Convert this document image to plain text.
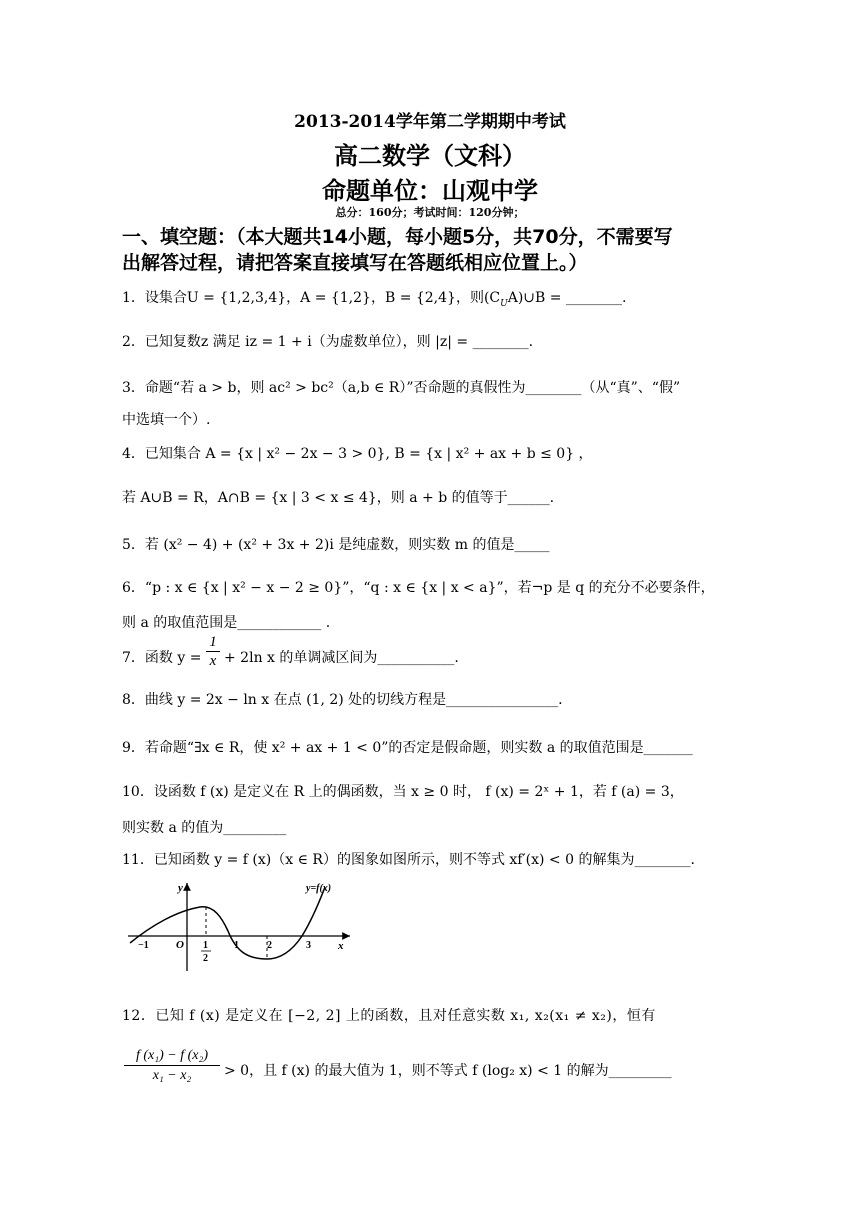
2013-2014学年第二学期期中考试
高二数学（文科）
命题单位：山观中学
总分：160分；考试时间：120分钟；
一、填空题：（本大题共14小题，每小题5分，共70分，不需要写
出解答过程，请把答案直接填写在答题纸相应位置上。）
1．设集合U = {1,2,3,4}，A = {1,2}，B = {2,4}，则$(C_UA)\cup B$ = ________.
2．已知复数z 满足 iz = 1 + i（为虚数单位），则 |z| = ________.
3．命题“若 a > b，则 ac² > bc²（a,b ∈ R）”否命题的真假性为________（从“真”、“假”
中选填一个）.
4．已知集合 A = {x | x² − 2x − 3 > 0}, B = {x | x² + ax + b ≤ 0} ，
若 A∪B = R，A∩B = {x | 3 < x ≤ 4}，则 a + b 的值等于______.
5．若 (x² − 4) + (x² + 3x + 2)i 是纯虚数，则实数 m 的值是_____
6．“p : x ∈ {x | x² − x − 2 ≥ 0}”，“q : x ∈ {x | x < a}”，若¬p 是 q 的充分不必要条件，
则 a 的取值范围是____________ .
7．函数 $y = \frac{1}{x} + 2\ln$ x 的单调减区间为___________.
8．曲线 y = 2x − ln x 在点 (1, 2) 处的切线方程是________________.
9．若命题“∃x ∈ R，使 x² + ax + 1 < 0”的否定是假命题，则实数 a 的取值范围是_______
10．设函数 f (x) 是定义在 R 上的偶函数，当 x ≥ 0 时， f (x) = 2ˣ + 1，若 f (a) = 3，
则实数 a 的值为_________
11．已知函数 y = f (x)（x ∈ R）的图象如图所示，则不等式 xf′(x) < 0 的解集为________.
y
x
O
y=f(x)
−1	1
2
1	2	3
12．已知 f (x) 是定义在 [−2, 2] 上的函数，且对任意实数 x₁, x₂(x₁ ≠ x₂)，恒有
$\frac{\text{f (x₁) − f (x₂)}}{\text{x₁ − x₂}} > 0$，且 f (x) 的最大值为 1，则不等式 f (log₂ x) < 1 的解为_________
